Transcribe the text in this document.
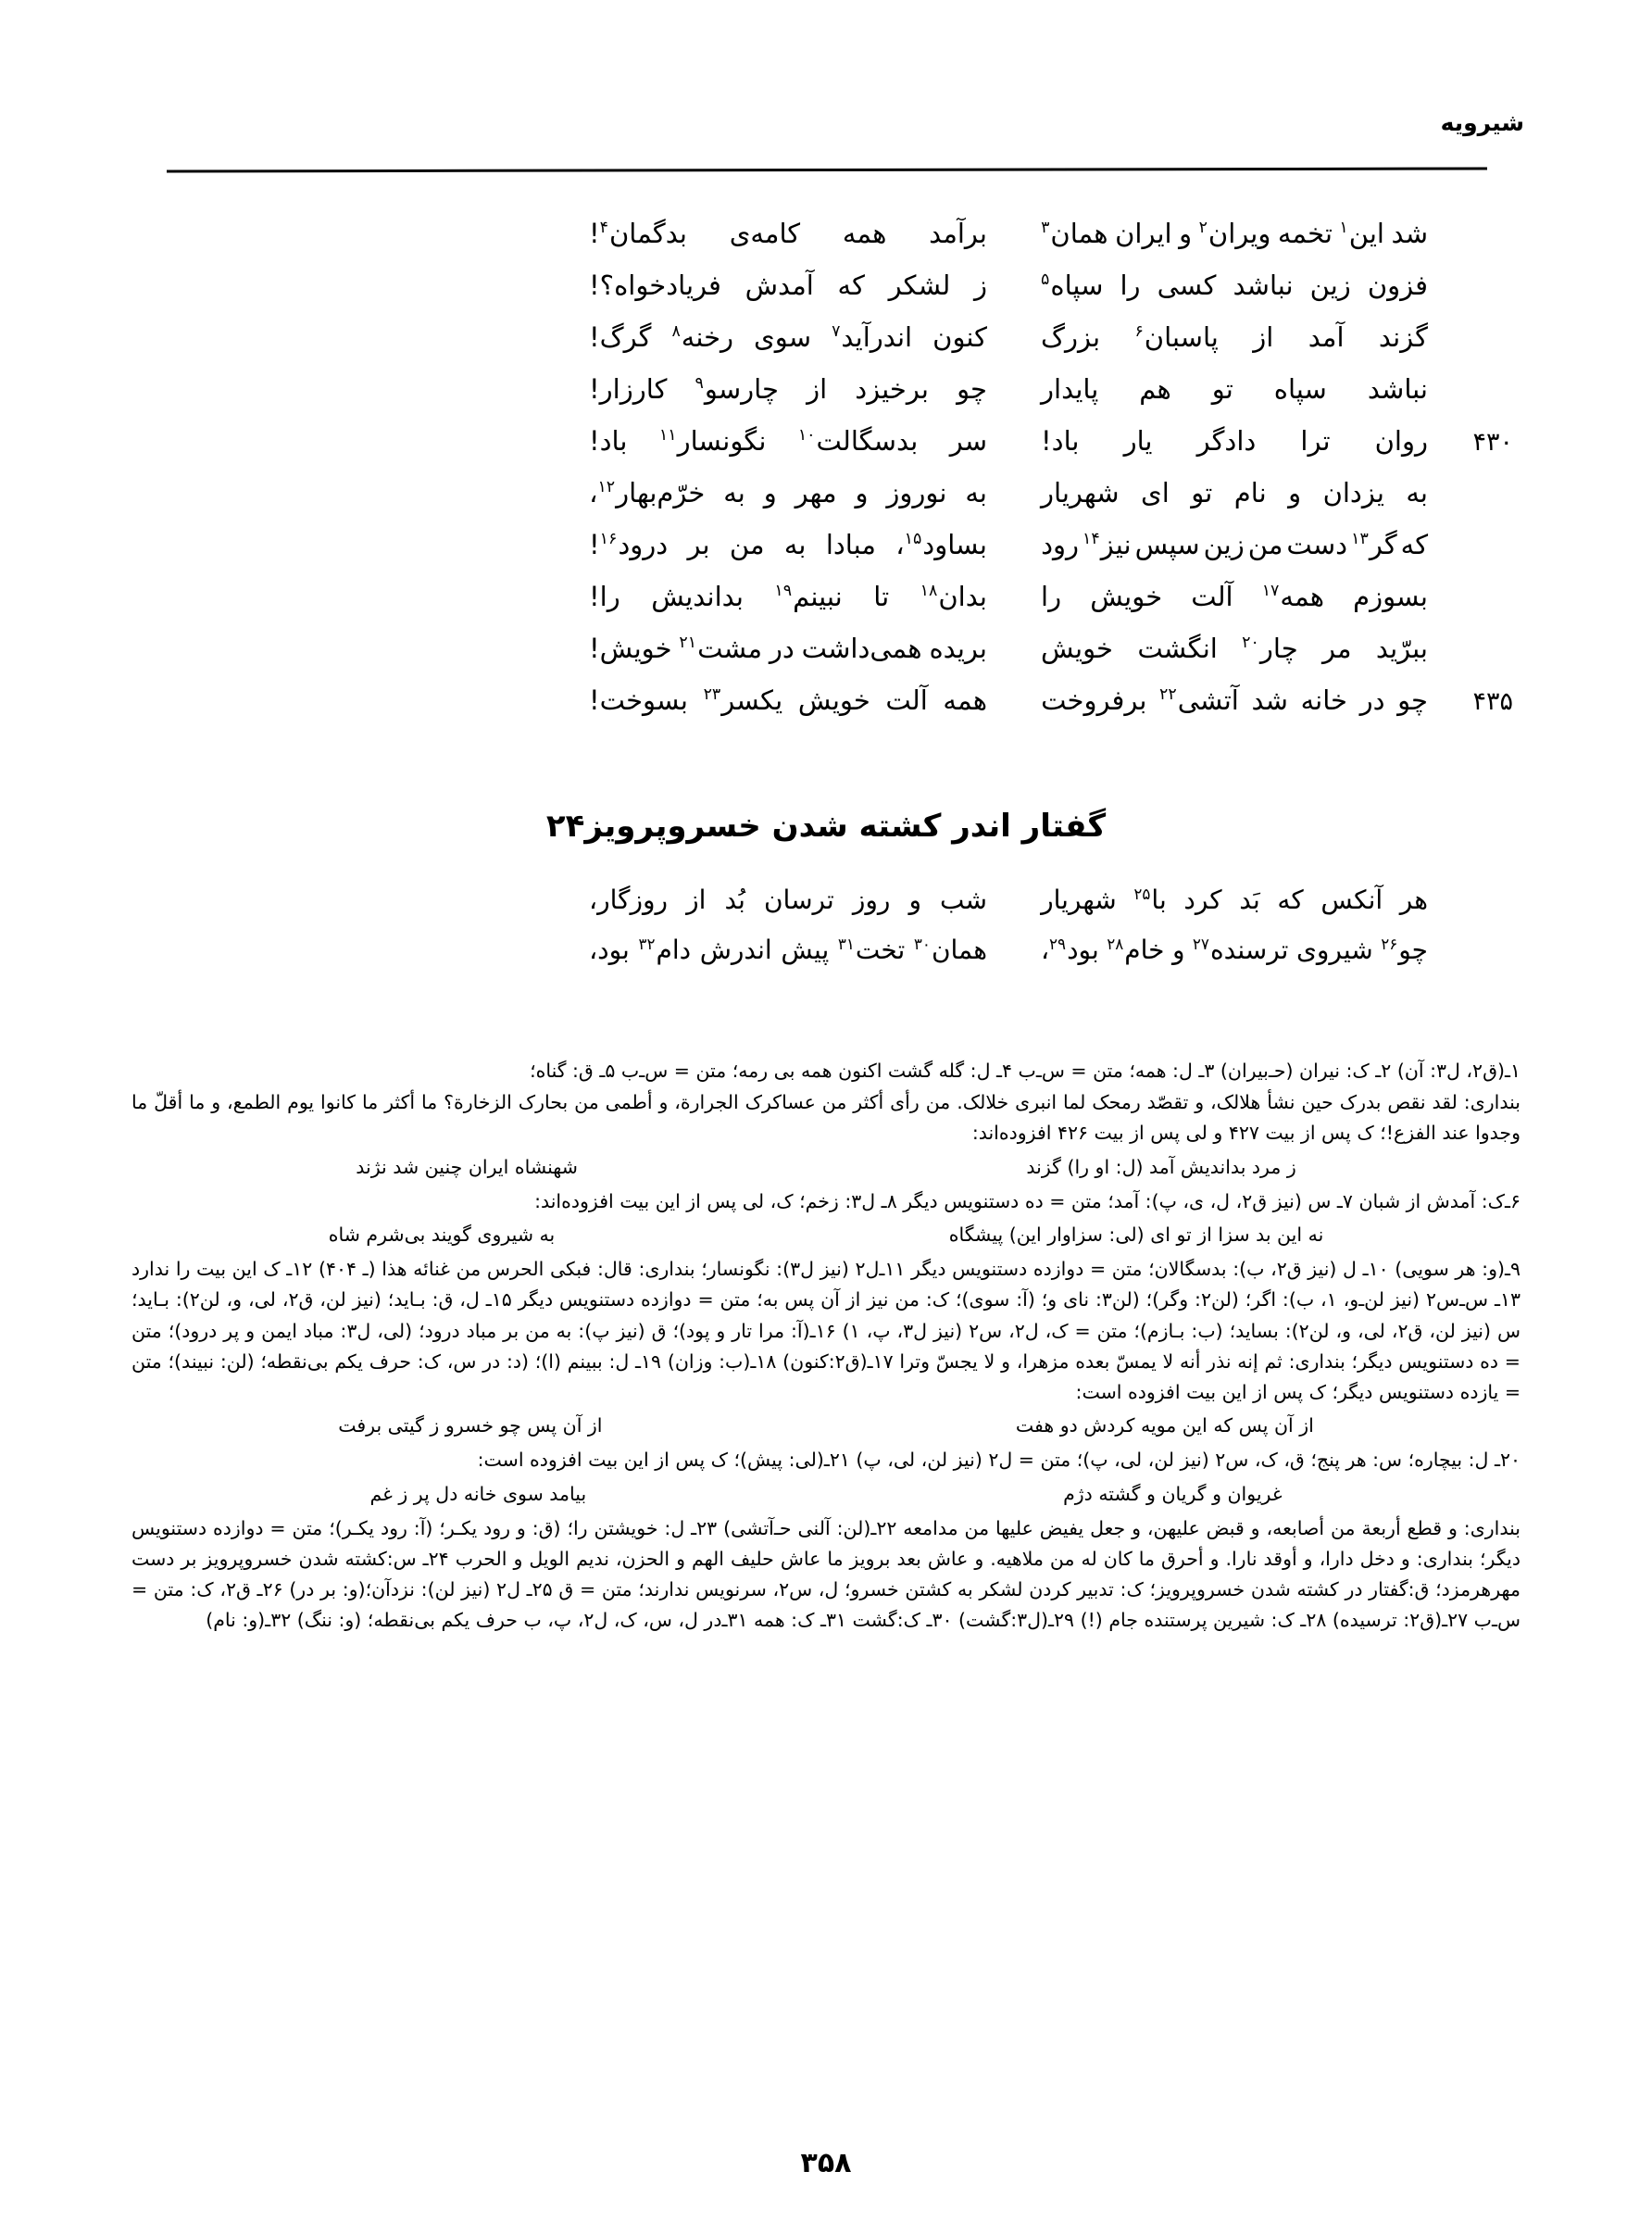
شیرویه
شد
این$^۱$
تخمه
ویران$^۲$
و
ایران
همان$^۳$
برآمد
همه
کامه‌ی
بدگمان$^۴$!
فزون
زین
نباشد
کسی
را
سپاه$^۵$
ز
لشکر
که
آمدش
فریادخواه؟!
گزند
آمد
از
پاسبان$^۶$
بزرگ
کنون
اندرآید$^۷$
سوی
رخنه$^۸$
گرگ!
نباشد
سپاه
تو
هم
پایدار
چو
برخیزد
از
چارسو$^۹$
کارزار!
۴۳۰
روان
ترا
دادگر
یار
باد!
سر
بدسگالت$^{۱۰}$
نگونسار$^{۱۱}$
باد!
به
یزدان
و
نام
تو
ای
شهریار
به
نوروز
و
مهر
و
به
خرّم‌بهار$^{۱۲}$،
که
گر$^{۱۳}$
دست
من
زین
سپس
نیز$^{۱۴}$
رود
بساود$^{۱۵}$،
مبادا
به
من
بر
درود$^{۱۶}$!
بسوزم
همه$^{۱۷}$
آلت
خویش
را
بدان$^{۱۸}$
تا
نبینم$^{۱۹}$
بداندیش
را!
ببرّید
مر
چار$^{۲۰}$
انگشت
خویش
بریده
همی‌داشت
در
مشت$^{۲۱}$
خویش!
۴۳۵
چو
در
خانه
شد
آتشی$^{۲۲}$
برفروخت
همه
آلت
خویش
یکسر$^{۲۳}$
بسوخت!
گفتار اندر کشته شدن خسروپرویز۲۴
هر
آنکس
که
بَد
کرد
با$^{۲۵}$
شهریار
شب
و
روز
ترسان
بُد
از
روزگار،
چو$^{۲۶}$
شیروی
ترسنده$^{۲۷}$
و
خام$^{۲۸}$
بود$^{۲۹}$،
همان$^{۳۰}$
تخت$^{۳۱}$
پیش
اندرش
دام$^{۳۲}$
بود،

۱ـ(ق۲، ل۳: آن) ۲ـ ک: نیران (حـ‌بیران) ۳ـ ل: همه؛ متن = س‌ـ‌ب ۴ـ ل: گله گشت اکنون همه بی رمه؛ متن = س‌ـ‌ب ۵ـ ق: گناه؛

بنداری: لقد نقص بدرک حین نشأ هلالک، و تقصّد رمحک لما انبری خلالک. من رأی أکثر من عساکرک الجرارة، و أطمی من بحارک الزخارة؟ ما أکثر ما کانوا یوم الطمع، و ما أقلّ ما وجدوا عند الفزع!؛ ک پس از بیت ۴۲۷ و لی پس از بیت ۴۲۶ افزوده‌اند:

ز مرد بداندیش آمد (ل: او را) گزند
شهنشاه ایران چنین شد نژند

۶ـ‌ک: آمدش از شبان ۷ـ س (نیز ق۲، ل، ی، پ): آمد؛ متن = ده دستنویس دیگر ۸ـ ل۳: زخم؛ ک، لی پس از این بیت افزوده‌اند:

نه این بد سزا از تو ای (لی: سزاوار این) پیشگاه
به شیروی گویند بی‌شرم شاه

۹ـ(و: هر سویی) ۱۰ـ ل (نیز ق۲، ب): بدسگالان؛ متن = دوازده دستنویس دیگر ۱۱ـ‌ل۲ (نیز ل۳): نگونسار؛ بنداری: قال: فبکی الحرس من غنائه هذا (ـ ۴۰۴) ۱۲ـ ک این بیت را ندارد ۱۳ـ س‌ـ‌س۲ (نیز لن‌ـ‌و، ۱، ب): اگر؛ (لن۲: وگر)؛ (لن۳: نای و؛ (آ: سوی)؛ ک: من نیز از آن پس به؛ متن = دوازده دستنویس دیگر ۱۵ـ ل، ق: بـاید؛ (نیز لن، ق۲، لی، و، لن۲): بـاید؛ س (نیز لن، ق۲، لی، و، لن۲): بساید؛ (ب: بـازم)؛ متن = ک، ل۲، س۲ (نیز ل۳، پ، ۱) ۱۶ـ(آ: مرا تار و پود)؛ ق (نیز پ): به من بر مباد درود؛ (لی، ل۳: مباد ایمن و پر درود)؛ متن = ده دستنویس دیگر؛ بنداری: ثم إنه نذر أنه لا یمسّ بعده مزهرا، و لا یجسّ وترا ۱۷ـ(ق۲:‌کنون) ۱۸ـ(ب: وزان) ۱۹ـ ل: ببینم (ا)؛ (د: در س، ک: حرف یکم بی‌نقطه؛ (لن: نبیند)؛ متن = یازده دستنویس دیگر؛ ک پس از این بیت افزوده است:

از آن پس که این مویه کردش دو هفت
از آن پس چو خسرو ز گیتی برفت

۲۰ـ ل: بیچاره؛ س: هر پنج؛ ق، ک، س۲ (نیز لن، لی، پ)؛ متن = ل۲ (نیز لن، لی، پ) ۲۱ـ(لی: پیش)؛ ک پس از این بیت افزوده است:

غریوان و گریان و گشته دژم
بیامد سوی خانه دل پر ز غم

بنداری: و قطع أربعة من أصابعه، و قبض علیهن، و جعل یفیض علیها من مدامعه ۲۲ـ(لن: آلنی حـ‌آتشی) ۲۳ـ ل: خویشتن را؛ (ق: و رود یکـر؛ (آ: رود یکـر)؛ متن = دوازده دستنویس دیگر؛ بنداری: و دخل دارا، و أوقد نارا. و أحرق ما کان له من ملاهیه. و عاش بعد برویز ما عاش حلیف الهم و الحزن، ندیم الویل و الحرب ۲۴ـ س:‌کشته شدن خسروپرویز بر دست مهرهرمزد؛ ق:‌گفتار در کشته شدن خسروپرویز؛ ک: تدبیر کردن لشکر به کشتن خسرو؛ ل، س۲، سرنویس ندارند؛ متن = ق ۲۵ـ ل۲ (نیز لن): نزدآن؛(و: بر در) ۲۶ـ ق۲، ک: متن = س‌ـ‌ب ۲۷ـ(ق۲: ترسیده) ۲۸ـ ک: شیرین پرستنده جام (!) ۲۹ـ(ل۳:‌گشت) ۳۰ـ ک:‌گشت ۳۱ـ ک: همه ۳۱ـ‌در ل، س، ک، ل۲، پ، ب حرف یکم بی‌نقطه؛ (و: ننگ) ۳۲ـ(و: نام)

۳۵۸
